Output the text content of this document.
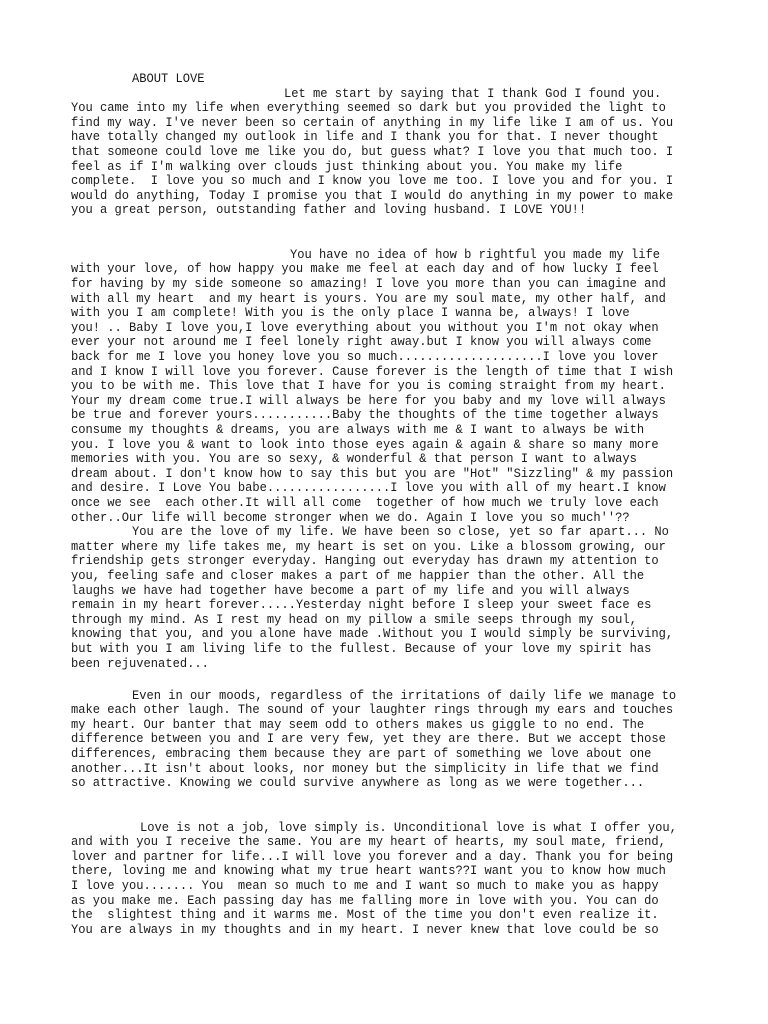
ABOUT LOVE
Let me start by saying that I thank God I found you.
You came into my life when everything seemed so dark but you provided the light to
find my way. I've never been so certain of anything in my life like I am of us. You
have totally changed my outlook in life and I thank you for that. I never thought
that someone could love me like you do, but guess what? I love you that much too. I
feel as if I'm walking over clouds just thinking about you. You make my life
complete.  I love you so much and I know you love me too. I love you and for you. I
would do anything, Today I promise you that I would do anything in my power to make
you a great person, outstanding father and loving husband. I LOVE YOU!!
You have no idea of how b rightful you made my life
with your love, of how happy you make me feel at each day and of how lucky I feel
for having by my side someone so amazing! I love you more than you can imagine and
with all my heart  and my heart is yours. You are my soul mate, my other half, and
with you I am complete! With you is the only place I wanna be, always! I love
you! .. Baby I love you,I love everything about you without you I'm not okay when
ever your not around me I feel lonely right away.but I know you will always come
back for me I love you honey love you so much....................I love you lover
and I know I will love you forever. Cause forever is the length of time that I wish
you to be with me. This love that I have for you is coming straight from my heart.
Your my dream come true.I will always be here for you baby and my love will always
be true and forever yours...........Baby the thoughts of the time together always
consume my thoughts & dreams, you are always with me & I want to always be with
you. I love you & want to look into those eyes again & again & share so many more
memories with you. You are so sexy, & wonderful & that person I want to always
dream about. I don't know how to say this but you are "Hot" "Sizzling" & my passion
and desire. I Love You babe.................I love you with all of my heart.I know
once we see  each other.It will all come  together of how much we truly love each
other..Our life will become stronger when we do. Again I love you so much''??
You are the love of my life. We have been so close, yet so far apart... No
matter where my life takes me, my heart is set on you. Like a blossom growing, our
friendship gets stronger everyday. Hanging out everyday has drawn my attention to
you, feeling safe and closer makes a part of me happier than the other. All the
laughs we have had together have become a part of my life and you will always
remain in my heart forever.....Yesterday night before I sleep your sweet face es
through my mind. As I rest my head on my pillow a smile seeps through my soul,
knowing that you, and you alone have made .Without you I would simply be surviving,
but with you I am living life to the fullest. Because of your love my spirit has
been rejuvenated...
Even in our moods, regardless of the irritations of daily life we manage to
make each other laugh. The sound of your laughter rings through my ears and touches
my heart. Our banter that may seem odd to others makes us giggle to no end. The
difference between you and I are very few, yet they are there. But we accept those
differences, embracing them because they are part of something we love about one
another...It isn't about looks, nor money but the simplicity in life that we find
so attractive. Knowing we could survive anywhere as long as we were together...
Love is not a job, love simply is. Unconditional love is what I offer you,
and with you I receive the same. You are my heart of hearts, my soul mate, friend,
lover and partner for life...I will love you forever and a day. Thank you for being
there, loving me and knowing what my true heart wants??I want you to know how much
I love you....... You  mean so much to me and I want so much to make you as happy
as you make me. Each passing day has me falling more in love with you. You can do
the  slightest thing and it warms me. Most of the time you don't even realize it.
You are always in my thoughts and in my heart. I never knew that love could be so
